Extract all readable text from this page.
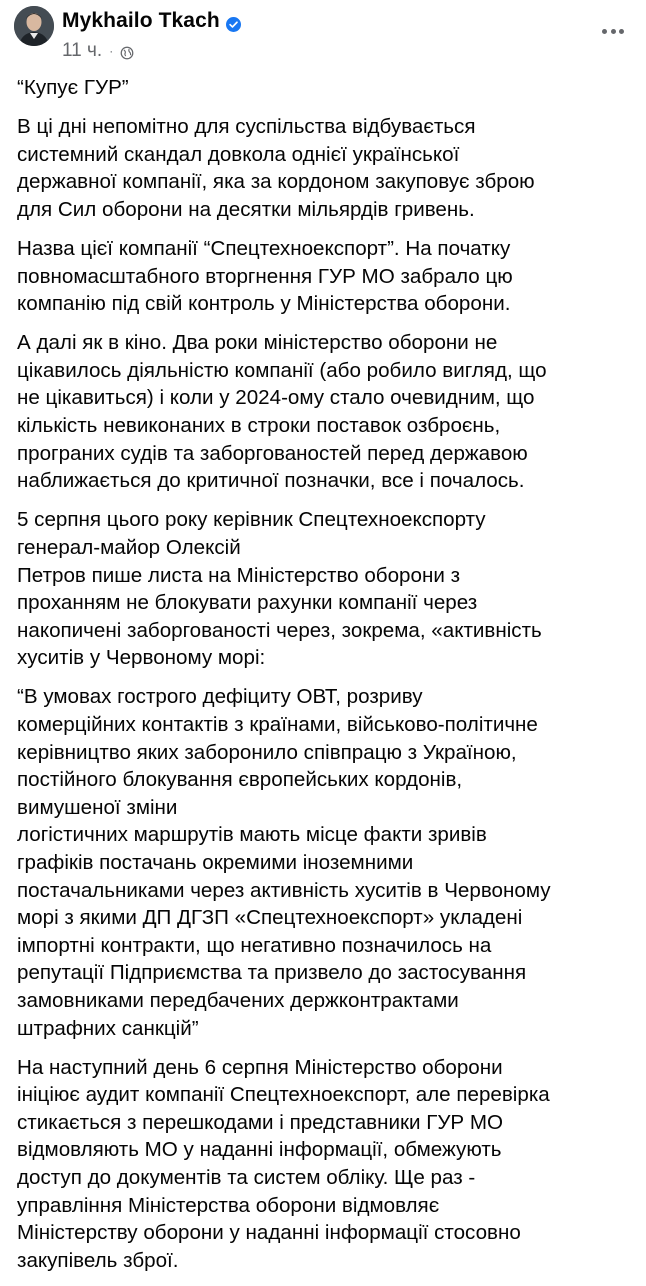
Mykhailo Tkach
11 ч. ·
“Купує ГУР”
В ці дні непомітно для суспільства відбувається
системний скандал довкола однієї української
державної компанії, яка за кордоном закуповує зброю
для Сил оборони на десятки мільярдів гривень.
Назва цієї компанії “Спецтехноекспорт”. На початку
повномасштабного вторгнення ГУР МО забрало цю
компанію під свій контроль у Міністерства оборони.
А далі як в кіно. Два роки міністерство оборони не
цікавилось діяльністю компанії (або робило вигляд, що
не цікавиться) і коли у 2024-ому стало очевидним, що
кількість невиконаних в строки поставок озброєнь,
програних судів та заборгованостей перед державою
наближається до критичної позначки, все і почалось.
5 серпня цього року керівник Спецтехноекспорту
генерал-майор Олексій
Петров пише листа на Міністерство оборони з
проханням не блокувати рахунки компанії через
накопичені заборгованості через, зокрема, «активність
хуситів у Червоному морі:
“В умовах гострого дефіциту ОВТ, розриву
комерційних контактів з країнами, військово-політичне
керівництво яких заборонило співпрацю з Україною,
постійного блокування європейських кордонів,
вимушеної зміни
логістичних маршрутів мають місце факти зривів
графіків постачань окремими іноземними
постачальниками через активність хуситів в Червоному
морі з якими ДП ДГЗП «Спецтехноекспорт» укладені
імпортні контракти, що негативно позначилось на
репутації Підприємства та призвело до застосування
замовниками передбачених держконтрактами
штрафних санкцій”
На наступний день 6 серпня Міністерство оборони
ініціює аудит компанії Спецтехноекспорт, але перевірка
стикається з перешкодами і представники ГУР МО
відмовляють МО у наданні інформації, обмежують
доступ до документів та систем обліку. Ще раз -
управління Міністерства оборони відмовляє
Міністерству оборони у наданні інформації стосовно
закупівель зброї.
